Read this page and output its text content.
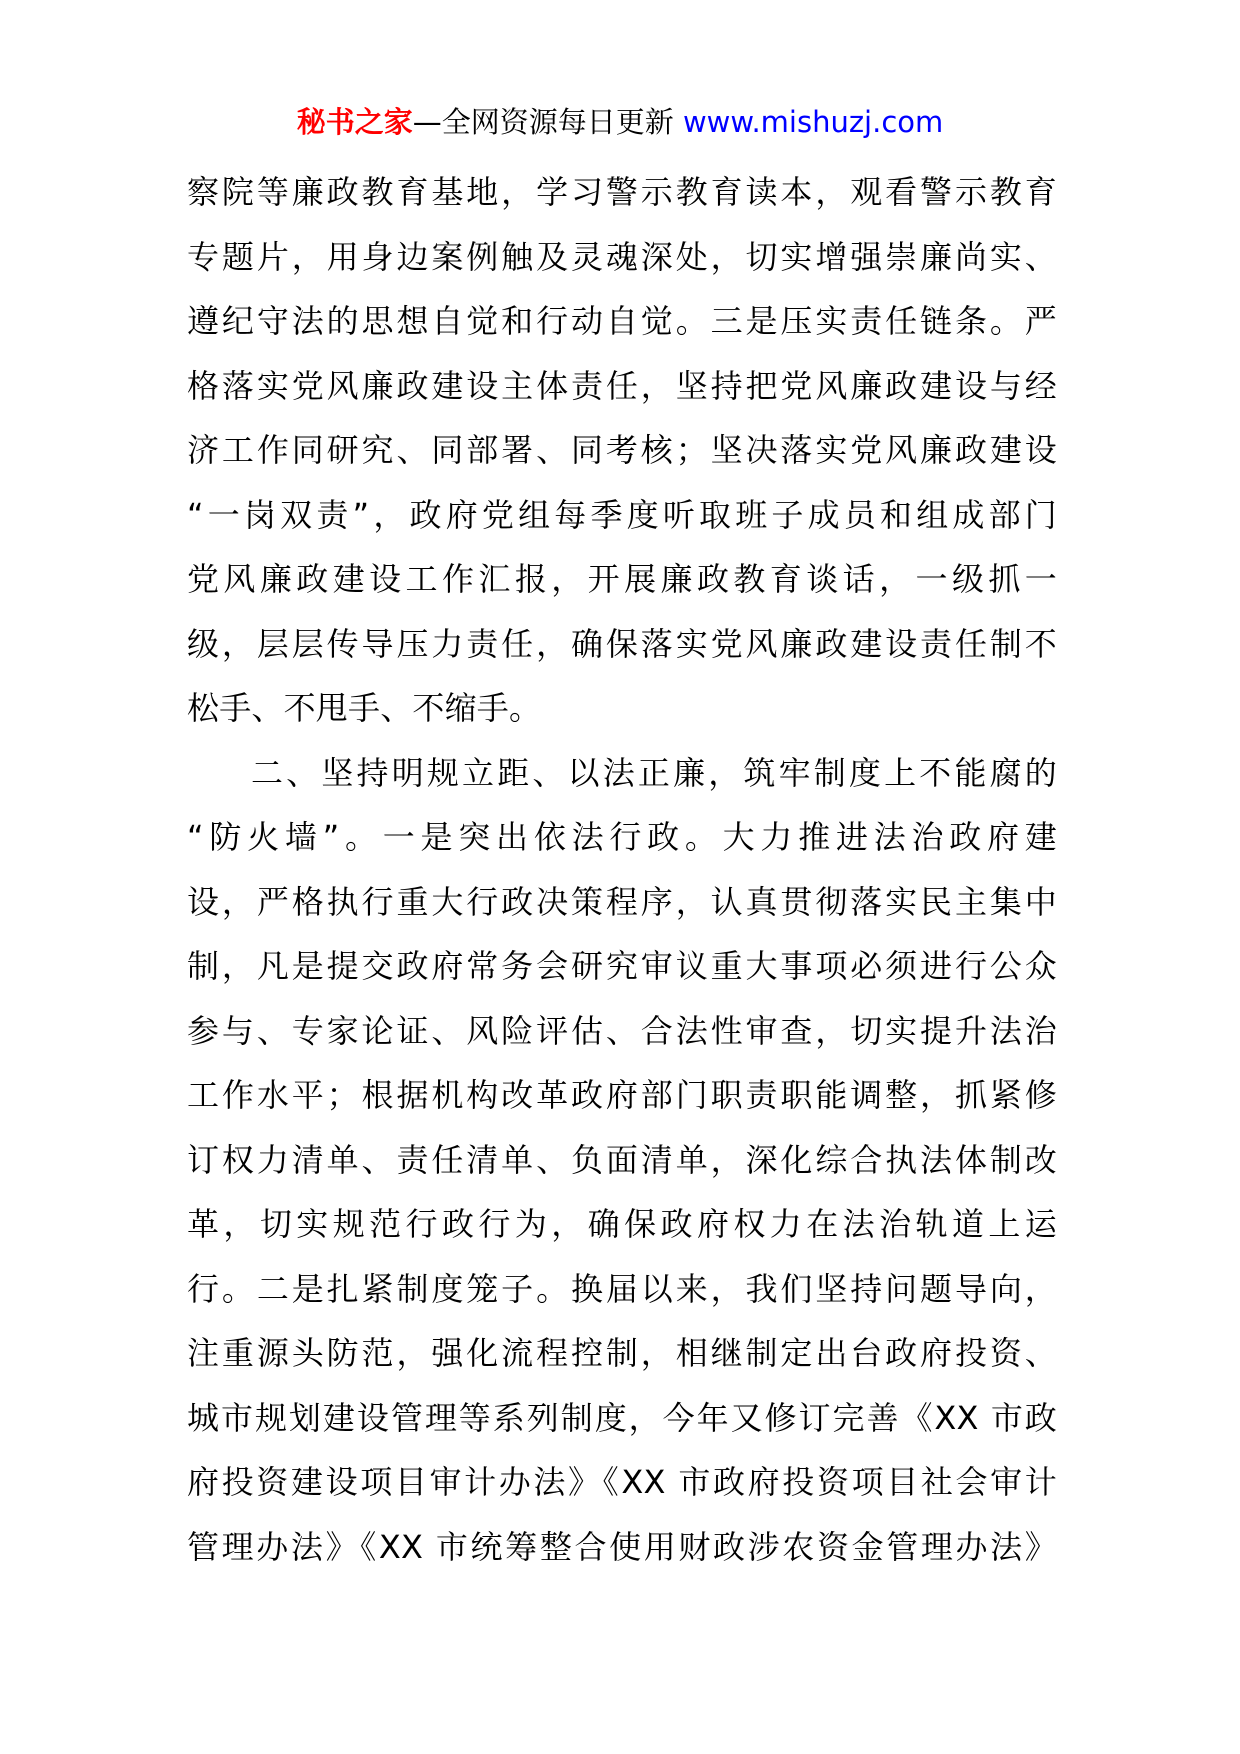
秘书之家—全网资源每日更新 www.mishuzj.com
察院等廉政教育基地，学习警示教育读本，观看警示教育
专题片，用身边案例触及灵魂深处，切实增强崇廉尚实、
遵纪守法的思想自觉和行动自觉。三是压实责任链条。严
格落实党风廉政建设主体责任，坚持把党风廉政建设与经
济工作同研究、同部署、同考核；坚决落实党风廉政建设
“一岗双责”，政府党组每季度听取班子成员和组成部门
党风廉政建设工作汇报，开展廉政教育谈话，一级抓一
级，层层传导压力责任，确保落实党风廉政建设责任制不
松手、不甩手、不缩手。
二、坚持明规立距、以法正廉，筑牢制度上不能腐的
“防火墙”。一是突出依法行政。大力推进法治政府建
设，严格执行重大行政决策程序，认真贯彻落实民主集中
制，凡是提交政府常务会研究审议重大事项必须进行公众
参与、专家论证、风险评估、合法性审查，切实提升法治
工作水平；根据机构改革政府部门职责职能调整，抓紧修
订权力清单、责任清单、负面清单，深化综合执法体制改
革，切实规范行政行为，确保政府权力在法治轨道上运
行。二是扎紧制度笼子。换届以来，我们坚持问题导向，
注重源头防范，强化流程控制，相继制定出台政府投资、
城市规划建设管理等系列制度，今年又修订完善《XX 市政
府投资建设项目审计办法》《XX 市政府投资项目社会审计
管理办法》《XX 市统筹整合使用财政涉农资金管理办法》
